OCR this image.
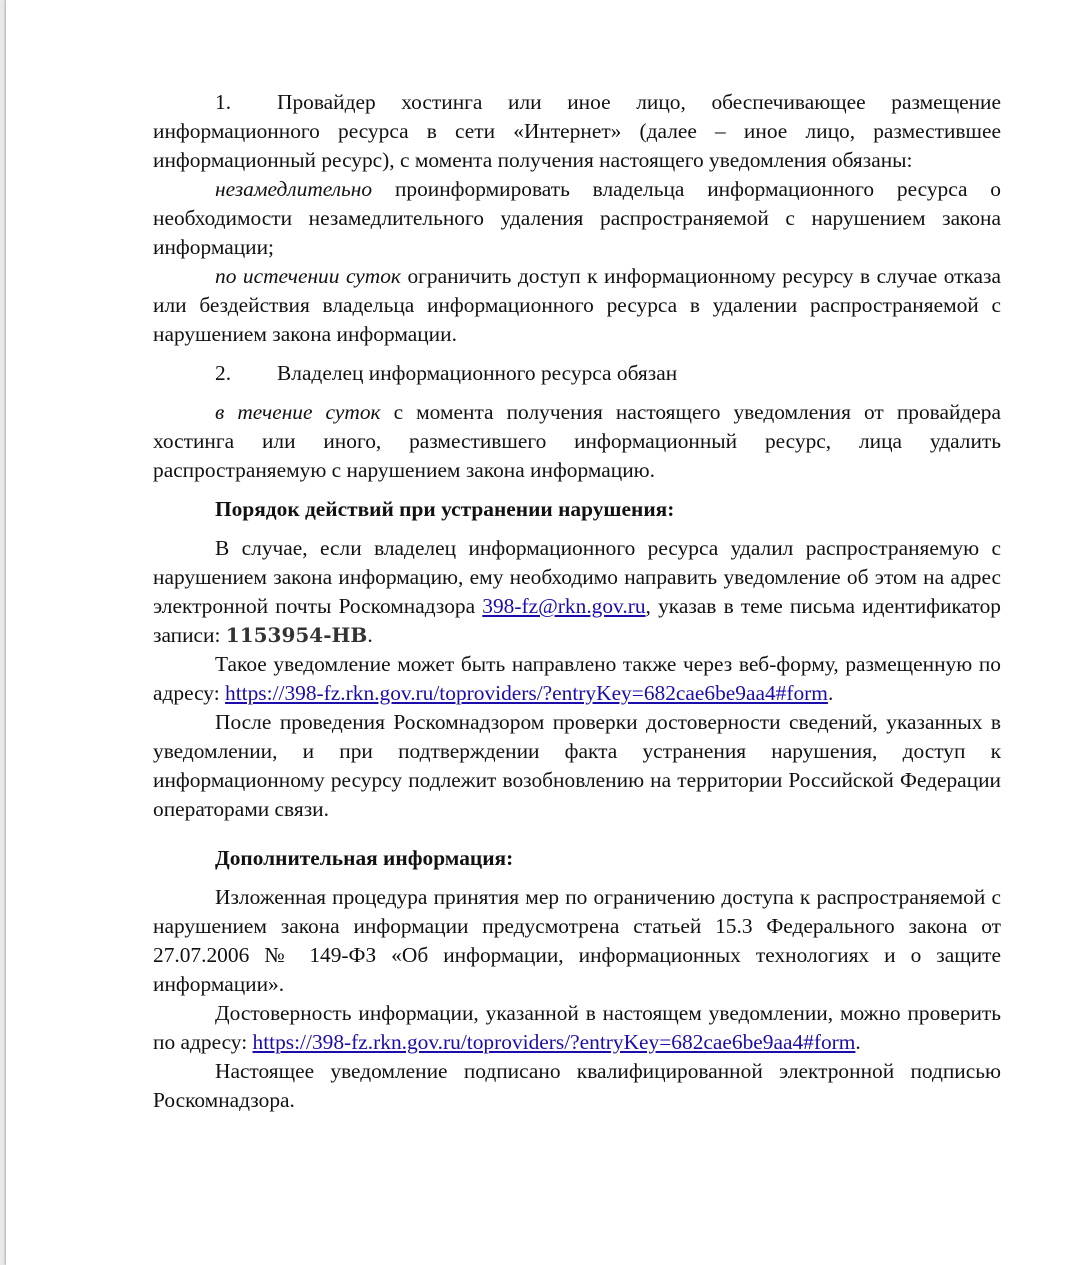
1. Провайдер хостинга или иное лицо, обеспечивающее размещение информационного ресурса в сети «Интернет» (далее – иное лицо, разместившее информационный ресурс), с момента получения настоящего уведомления обязаны:

незамедлительно проинформировать владельца информационного ресурса о необходимости незамедлительного удаления распространяемой с нарушением закона информации;

по истечении суток ограничить доступ к информационному ресурсу в случае отказа или бездействия владельца информационного ресурса в удалении распространяемой с нарушением закона информации.

2. Владелец информационного ресурса обязан

в течение суток с момента получения настоящего уведомления от провайдера хостинга или иного, разместившего информационный ресурс, лица удалить распространяемую с нарушением закона информацию.

Порядок действий при устранении нарушения:

В случае, если владелец информационного ресурса удалил распространяемую с нарушением закона информацию, ему необходимо направить уведомление об этом на адрес электронной почты Роскомнадзора 398-fz@rkn.gov.ru, указав в теме письма идентификатор записи: 1153954-НВ.

Такое уведомление может быть направлено также через веб-форму, размещенную по адресу: https://398-fz.rkn.gov.ru/toproviders/?entryKey=682cae6be9aa4#form.

После проведения Роскомнадзором проверки достоверности сведений, указанных в уведомлении, и при подтверждении факта устранения нарушения, доступ к информационному ресурсу подлежит возобновлению на территории Российской Федерации операторами связи.

Дополнительная информация:

Изложенная процедура принятия мер по ограничению доступа к распространяемой с нарушением закона информации предусмотрена статьей 15.3 Федерального закона от 27.07.2006 № 149-ФЗ «Об информации, информационных технологиях и о защите информации».

Достоверность информации, указанной в настоящем уведомлении, можно проверить по адресу: https://398-fz.rkn.gov.ru/toproviders/?entryKey=682cae6be9aa4#form.

Настоящее уведомление подписано квалифицированной электронной подписью Роскомнадзора.
